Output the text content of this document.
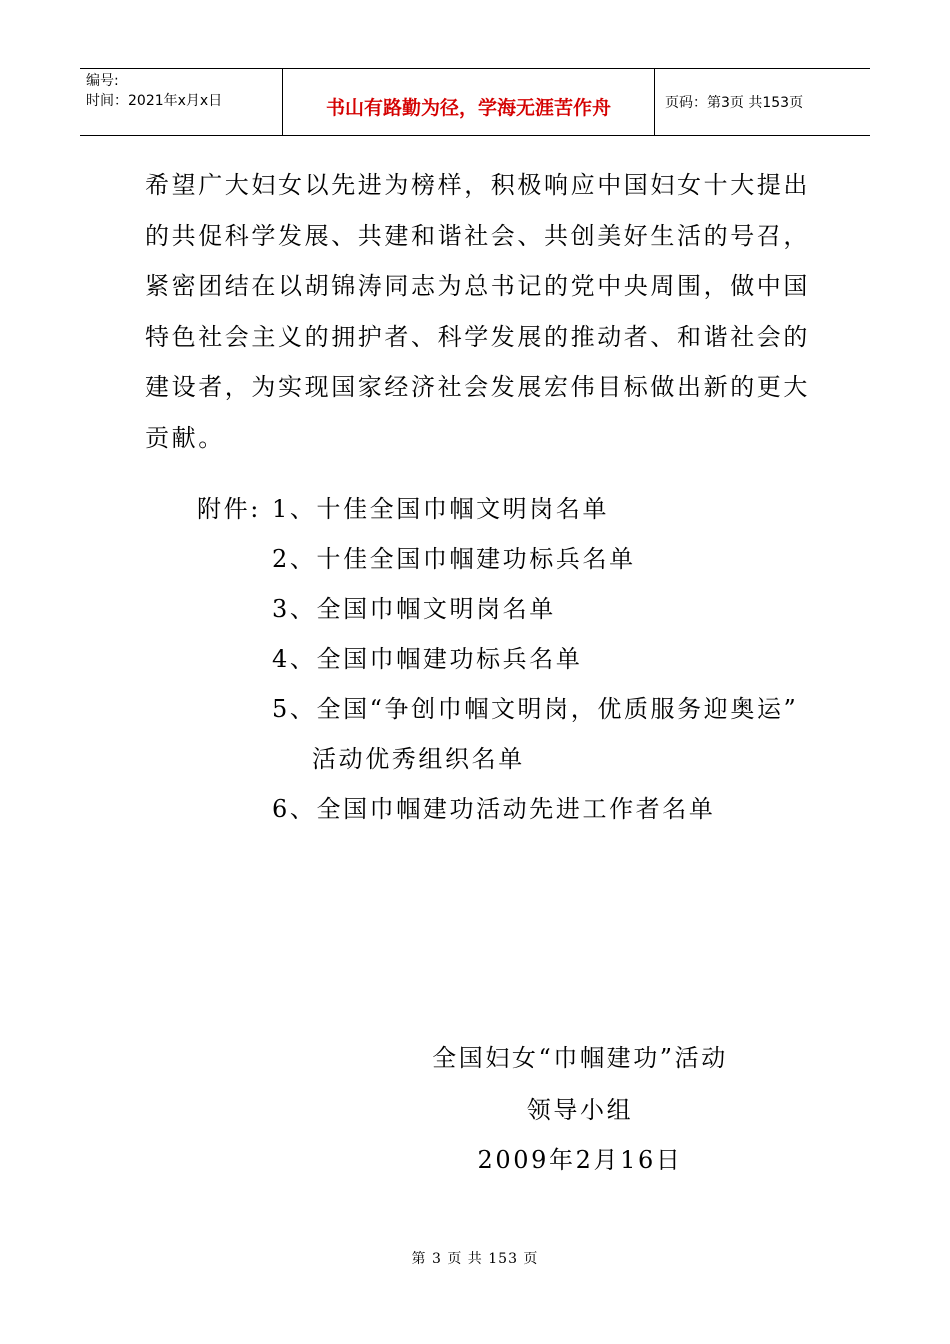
编号:
时间：2021年x月x日	书山有路勤为径，学海无涯苦作舟	页码：第3页 共153页

希望广大妇女以先进为榜样，积极响应中国妇女十大提出的共促科学发展、共建和谐社会、共创美好生活的号召，紧密团结在以胡锦涛同志为总书记的党中央周围，做中国特色社会主义的拥护者、科学发展的推动者、和谐社会的建设者，为实现国家经济社会发展宏伟目标做出新的更大贡献。

附件: 1、十佳全国巾帼文明岗名单
2、十佳全国巾帼建功标兵名单
3、全国巾帼文明岗名单
4、全国巾帼建功标兵名单
5、全国“争创巾帼文明岗，优质服务迎奥运”
活动优秀组织名单
6、全国巾帼建功活动先进工作者名单
全国妇女“巾帼建功”活动
领导小组
2009年2月16日
第 3 页 共 153 页
